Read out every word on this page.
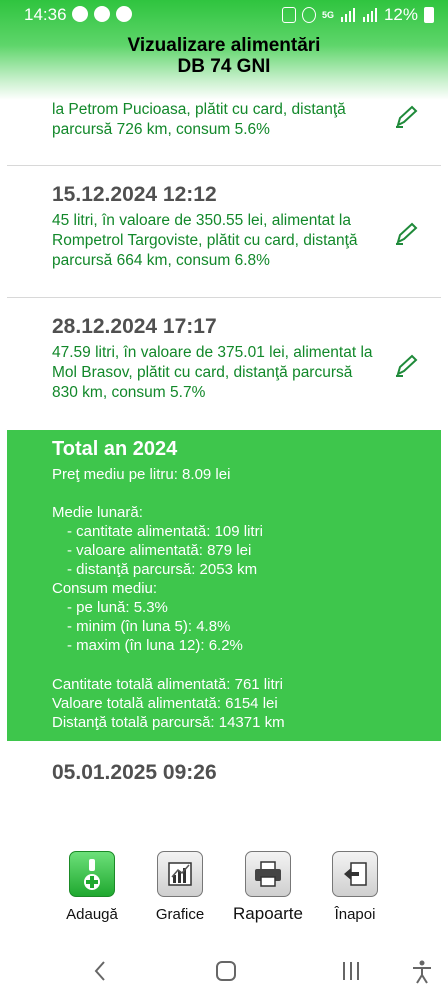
14:36	5G	12%
Vizualizare alimentări
DB 74 GNI
la Petrom Pucioasa, plătit cu card, distanţă parcursă 726 km, consum 5.6%
15.12.2024 12:12
45 litri, în valoare de 350.55 lei, alimentat la Rompetrol Targoviste, plătit cu card, distanţă parcursă 664 km, consum 6.8%
28.12.2024 17:17
47.59 litri, în valoare de 375.01 lei, alimentat la Mol Brasov, plătit cu card, distanţă parcursă 830 km, consum 5.7%
Total an 2024
Preţ mediu pe litru: 8.09 lei
Medie lunară:
- cantitate alimentată: 109 litri
- valoare alimentată: 879 lei
- distanţă parcursă: 2053 km
Consum mediu:
- pe lună: 5.3%
- minim (în luna 5): 4.8%
- maxim (în luna 12): 6.2%
Cantitate totală alimentată: 761 litri
Valoare totală alimentată: 6154 lei
Distanţă totală parcursă: 14371 km
05.01.2025 09:26
Adaugă	Grafice	Rapoarte	Înapoi
